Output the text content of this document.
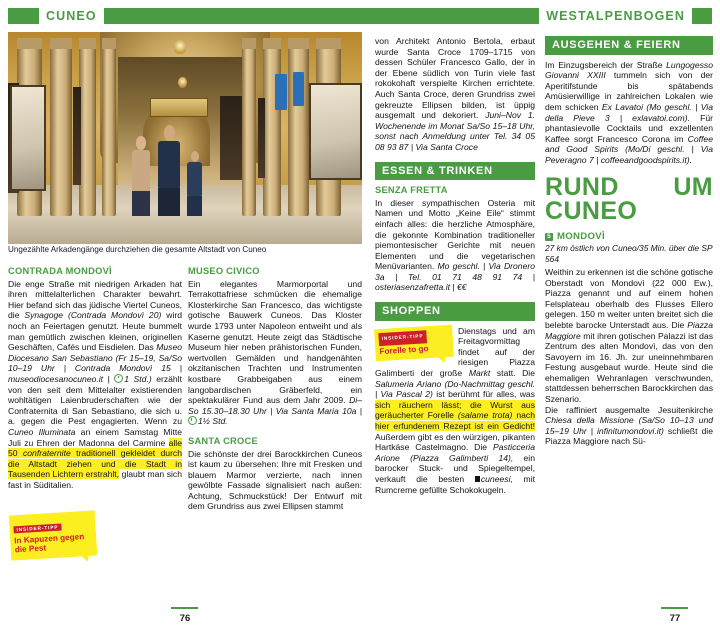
CUNEO	WESTALPENBOGEN
Ungezählte Arkadengänge durchziehen die gesamte Altstadt von Cuneo
CONTRADA MONDOVÌ

Die enge Straße mit niedrigen Arkaden hat ihren mittelalterlichen Charakter bewahrt. Hier befand sich das jüdische Viertel Cuneos, die Synagoge (Contrada Mondovì 20) wird noch an Feiertagen genutzt. Heute bummelt man gemütlich zwischen kleinen, originellen Geschäften, Cafés und Eisdielen. Das Museo Diocesano San Sebastiano (Fr 15–19, Sa/So 10–19 Uhr | Contrada Mondovì 15 | museodiocesanocuneo.it | 1 Std.) erzählt von den seit dem Mittelalter existierenden wohltätigen Laienbruderschaften wie der Confraternita di San Sebastiano, die sich u. a. gegen die Pest engagierten. Wenn zu Cuneo Illuminata an einem Samstag Mitte Juli zu Ehren der Madonna del Carmine alle 50 confraternite traditionell gekleidet durch die Altstadt ziehen und die Stadt in Tausenden Lichtern erstrahlt, glaubt man sich fast in Süditalien.

INSIDER-TIPP
In Kapuzen gegen die Pest
MUSEO CIVICO

Ein elegantes Marmorportal und Terrakottafriese schmücken die ehemalige Klosterkirche San Francesco, das wichtigste gotische Bauwerk Cuneos. Das Kloster wurde 1793 unter Napoleon entweiht und als Kaserne genutzt. Heute zeigt das Städtische Museum hier neben prähistorischen Funden, wertvollen Gemälden und handgenähten okzitanischen Trachten und Instrumenten kostbare Grabbeigaben aus einem langobardischen Gräberfeld, ein spektakulärer Fund aus dem Jahr 2009. Di–So 15.30–18.30 Uhr | Via Santa Maria 10a | 1½ Std.

SANTA CROCE

Die schönste der drei Barockkirchen Cuneos ist kaum zu übersehen: Ihre mit Fresken und blauem Marmor verzierte, nach innen gewölbte Fassade signalisiert nach außen: Achtung, Schmuckstück! Der Entwurf mit dem Grundriss aus zwei Ellipsen stammt

von Architekt Antonio Bertola, erbaut wurde Santa Croce 1709–1715 von dessen Schüler Francesco Gallo, der in der Ebene südlich von Turin viele fast rokokohaft verspielte Kirchen errichtete. Auch Santa Croce, deren Grundriss zwei gekreuzte Ellipsen bilden, ist üppig ausgemalt und dekoriert. Juni–Nov 1. Wochenende im Monat Sa/So 15–18 Uhr, sonst nach Anmeldung unter Tel. 34 05 08 93 87 | Via Santa Croce

ESSEN & TRINKEN
SENZA FRETTA

In dieser sympathischen Osteria mit Namen und Motto „Keine Eile“ stimmt einfach alles: die herzliche Atmosphäre, die gekonnte Kombination traditioneller piemontesischer Gerichte mit neuen Elementen und die vegetarischen Menüvarianten. Mo geschl. | Via Dronero 3a | Tel. 01 71 48 91 74 | osteriasenzafretta.it | €€

SHOPPEN

INSIDER-TIPP
Forelle to go
Dienstags und am Freitagvormittag findet auf der riesigen Piazza Galimberti der große Markt statt. Die Salumeria Ariano (Do-Nachmittag geschl. | Via Pascal 2) ist berühmt für alles, was sich räuchern lässt; die Wurst aus geräucherter Forelle (salame trota) nach hier erfundenem Rezept ist ein Gedicht! Außerdem gibt es den würzigen, pikanten Hartkäse Castelmagno. Die Pasticceria Arione (Piazza Galimberti 14), ein barocker Stuck- und Spiegeltempel, verkauft die besten cuneesi, mit Rumcreme gefüllte Schokokugeln.

AUSGEHEN & FEIERN

Im Einzugsbereich der Straße Lungogesso Giovanni XXIII tummeln sich von der Aperitifstunde bis spätabends Amüsierwillige in zahlreichen Lokalen wie dem schicken Ex Lavatoi (Mo geschl. | Via della Pieve 3 | exlavatoi.com). Für phantasievolle Cocktails und exzellenten Kaffee sorgt Francesco Corona im Coffee and Good Spirits (Mo/Di geschl. | Via Peveragno 7 | coffeeandgoodspirits.it).

RUND UM CUNEO
5 MONDOVÌ
27 km östlich von Cuneo/35 Min. über die SP 564

Weithin zu erkennen ist die schöne gotische Oberstadt von Mondovì (22 000 Ew.), Piazza genannt und auf einem hohen Felsplateau oberhalb des Flusses Ellero gelegen. 150 m weiter unten breitet sich die belebte barocke Unterstadt aus. Die Piazza Maggiore mit ihren gotischen Palazzi ist das Zentrum des alten Mondovì, das von den Savoyern im 16. Jh. zur uneinnehmbaren Festung ausgebaut wurde. Heute sind die ehemaligen Wehranlagen verschwunden, stattdessen beherrschen Barockkirchen das Szenario.

Die raffiniert ausgemalte Jesuitenkirche Chiesa della Missione (Sa/So 10–13 und 15–19 Uhr | infinitumondovi.it) schließt die Piazza Maggiore nach Sü-

76	77
